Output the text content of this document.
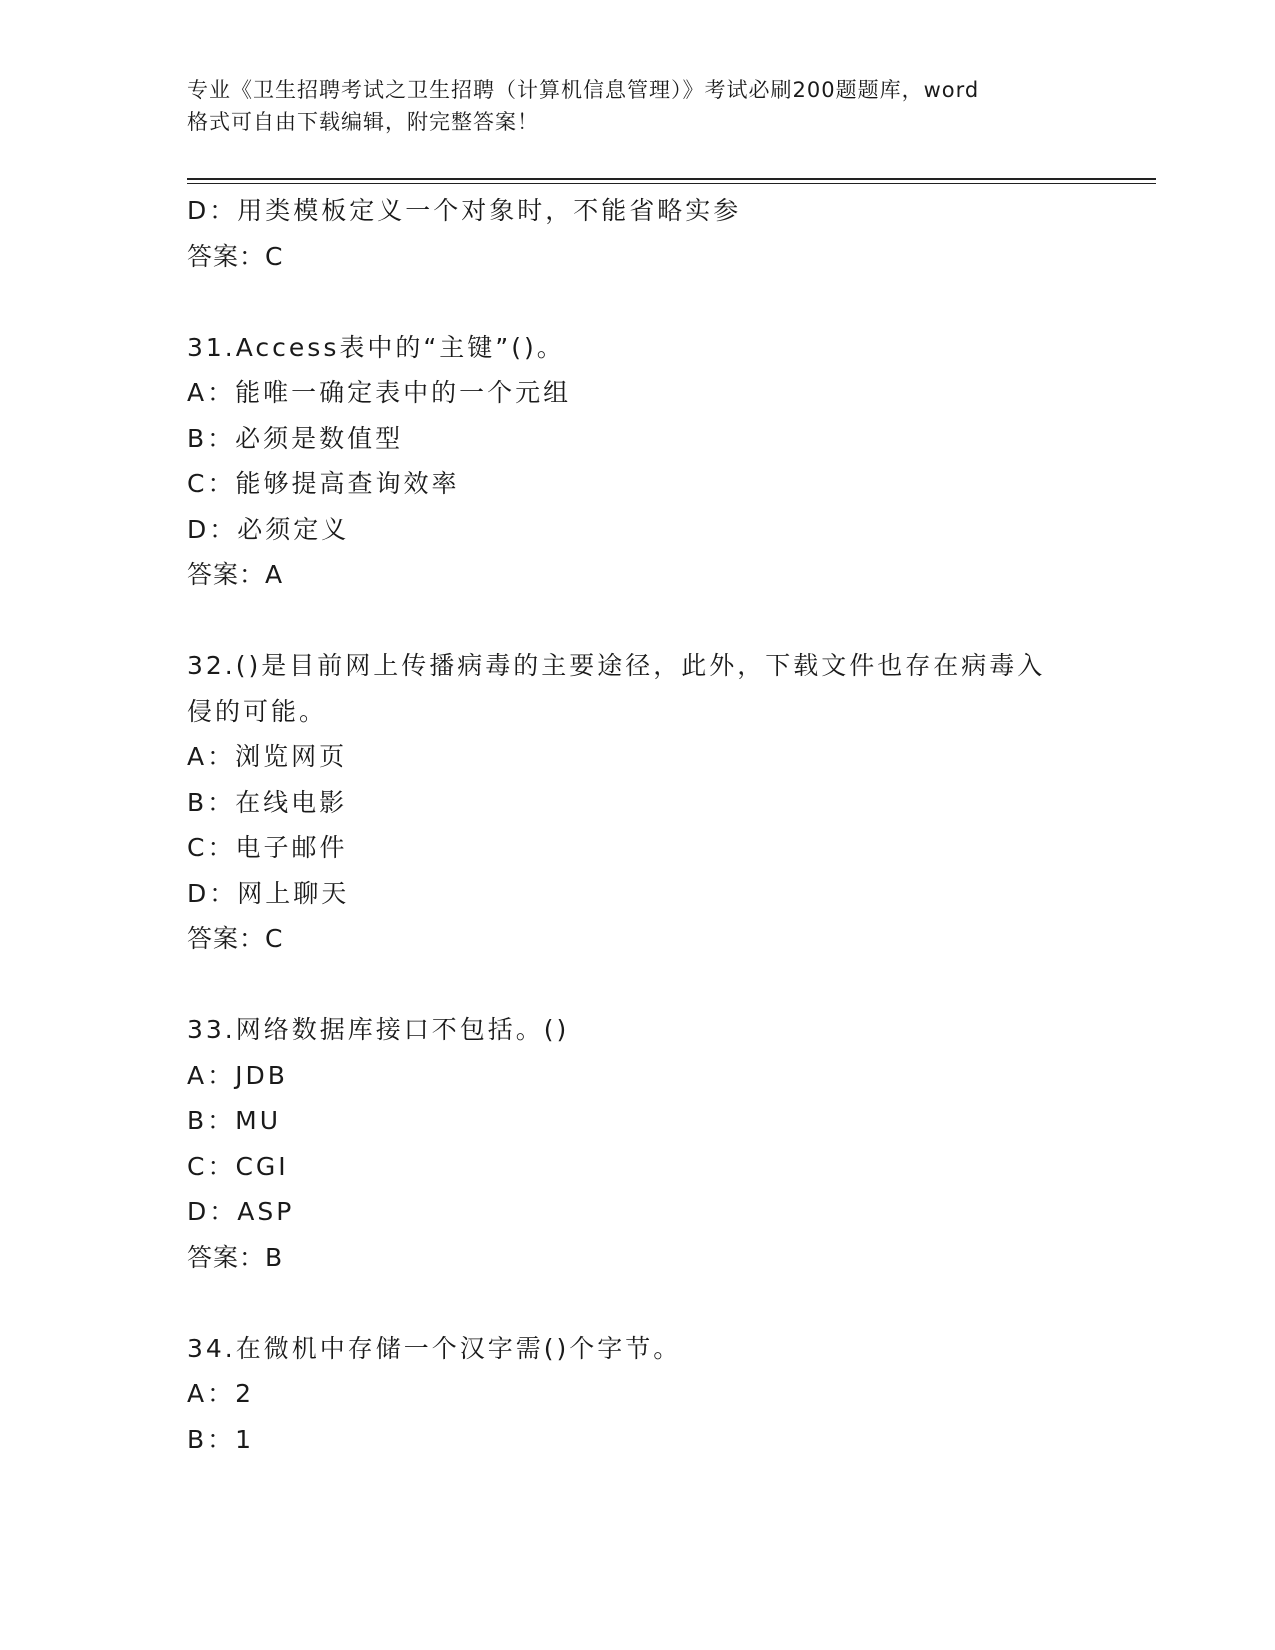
专业《卫生招聘考试之卫生招聘（计算机信息管理）》考试必刷200题题库，word
格式可自由下载编辑，附完整答案！
D：用类模板定义一个对象时，不能省略实参
答案：C
31.Access表中的“主键”()。
A：能唯一确定表中的一个元组
B：必须是数值型
C：能够提高查询效率
D：必须定义
答案：A
32.()是目前网上传播病毒的主要途径，此外，下载文件也存在病毒入
侵的可能。
A：浏览网页
B：在线电影
C：电子邮件
D：网上聊天
答案：C
33.网络数据库接口不包括。()
A：JDB
B：MU
C：CGI
D：ASP
答案：B
34.在微机中存储一个汉字需()个字节。
A：2
B：1
